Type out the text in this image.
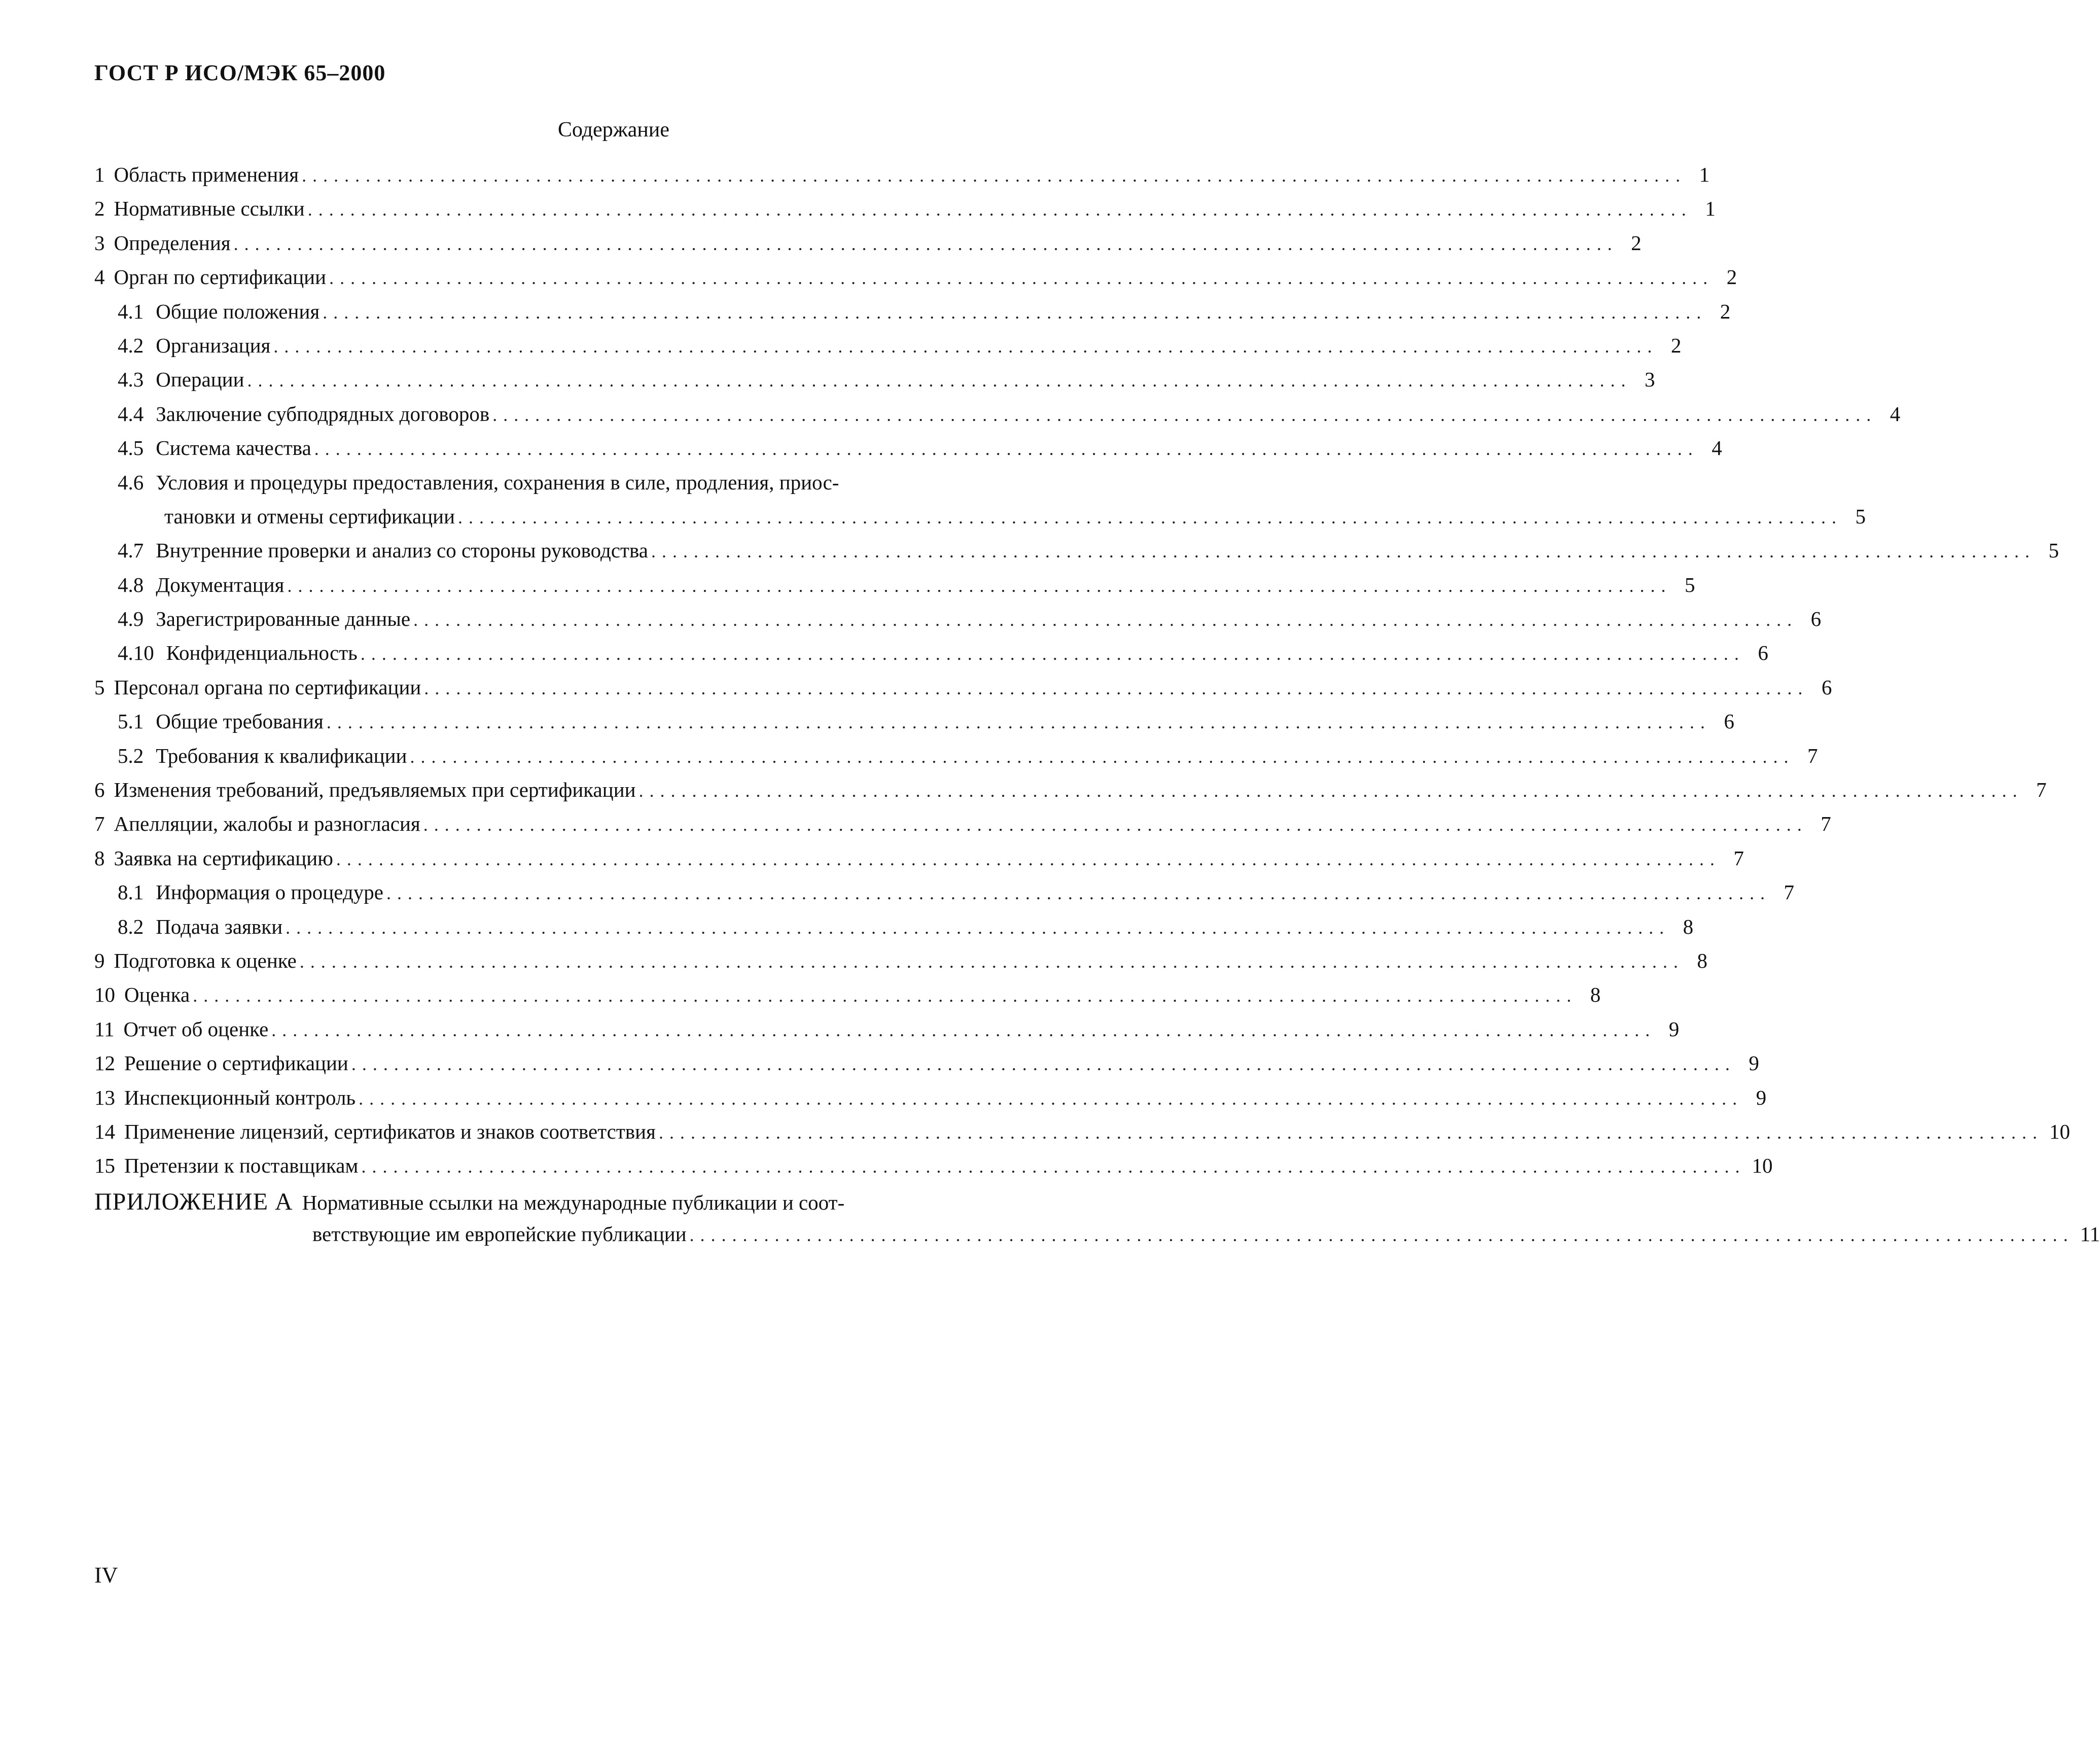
ГОСТ Р ИСО/МЭК 65–2000
Содержание
1 Область применения .................................................................................................................................. 1
2 Нормативные ссылки .................................................................................................................................. 1
3 Определения .................................................................................................................................. 2
4 Орган по сертификации .................................................................................................................................. 2
4.1 Общие положения .................................................................................................................................. 2
4.2 Организация .................................................................................................................................. 2
4.3 Операции .................................................................................................................................. 3
4.4 Заключение субподрядных договоров .................................................................................................................................. 4
4.5 Система качества .................................................................................................................................. 4
4.6 Условия и процедуры предоставления, сохранения в силе, продления, приос-
тановки и отмены сертификации .................................................................................................................................. 5
4.7 Внутренние проверки и анализ со стороны руководства .................................................................................................................................. 5
4.8 Документация .................................................................................................................................. 5
4.9 Зарегистрированные данные .................................................................................................................................. 6
4.10 Конфиденциальность .................................................................................................................................. 6
5 Персонал органа по сертификации .................................................................................................................................. 6
5.1 Общие требования .................................................................................................................................. 6
5.2 Требования к квалификации .................................................................................................................................. 7
6 Изменения требований, предъявляемых при сертификации .................................................................................................................................. 7
7 Апелляции, жалобы и разногласия .................................................................................................................................. 7
8 Заявка на сертификацию .................................................................................................................................. 7
8.1 Информация о процедуре .................................................................................................................................. 7
8.2 Подача заявки .................................................................................................................................. 8
9 Подготовка к оценке .................................................................................................................................. 8
10 Оценка .................................................................................................................................. 8
11 Отчет об оценке .................................................................................................................................. 9
12 Решение о сертификации .................................................................................................................................. 9
13 Инспекционный контроль .................................................................................................................................. 9
14 Применение лицензий, сертификатов и знаков соответствия .................................................................................................................................. 10
15 Претензии к поставщикам .................................................................................................................................. 10
ПРИЛОЖЕНИЕ А Нормативные ссылки на международные публикации и соот-
ветствующие им европейские публикации .................................................................................................................................. 11
IV
